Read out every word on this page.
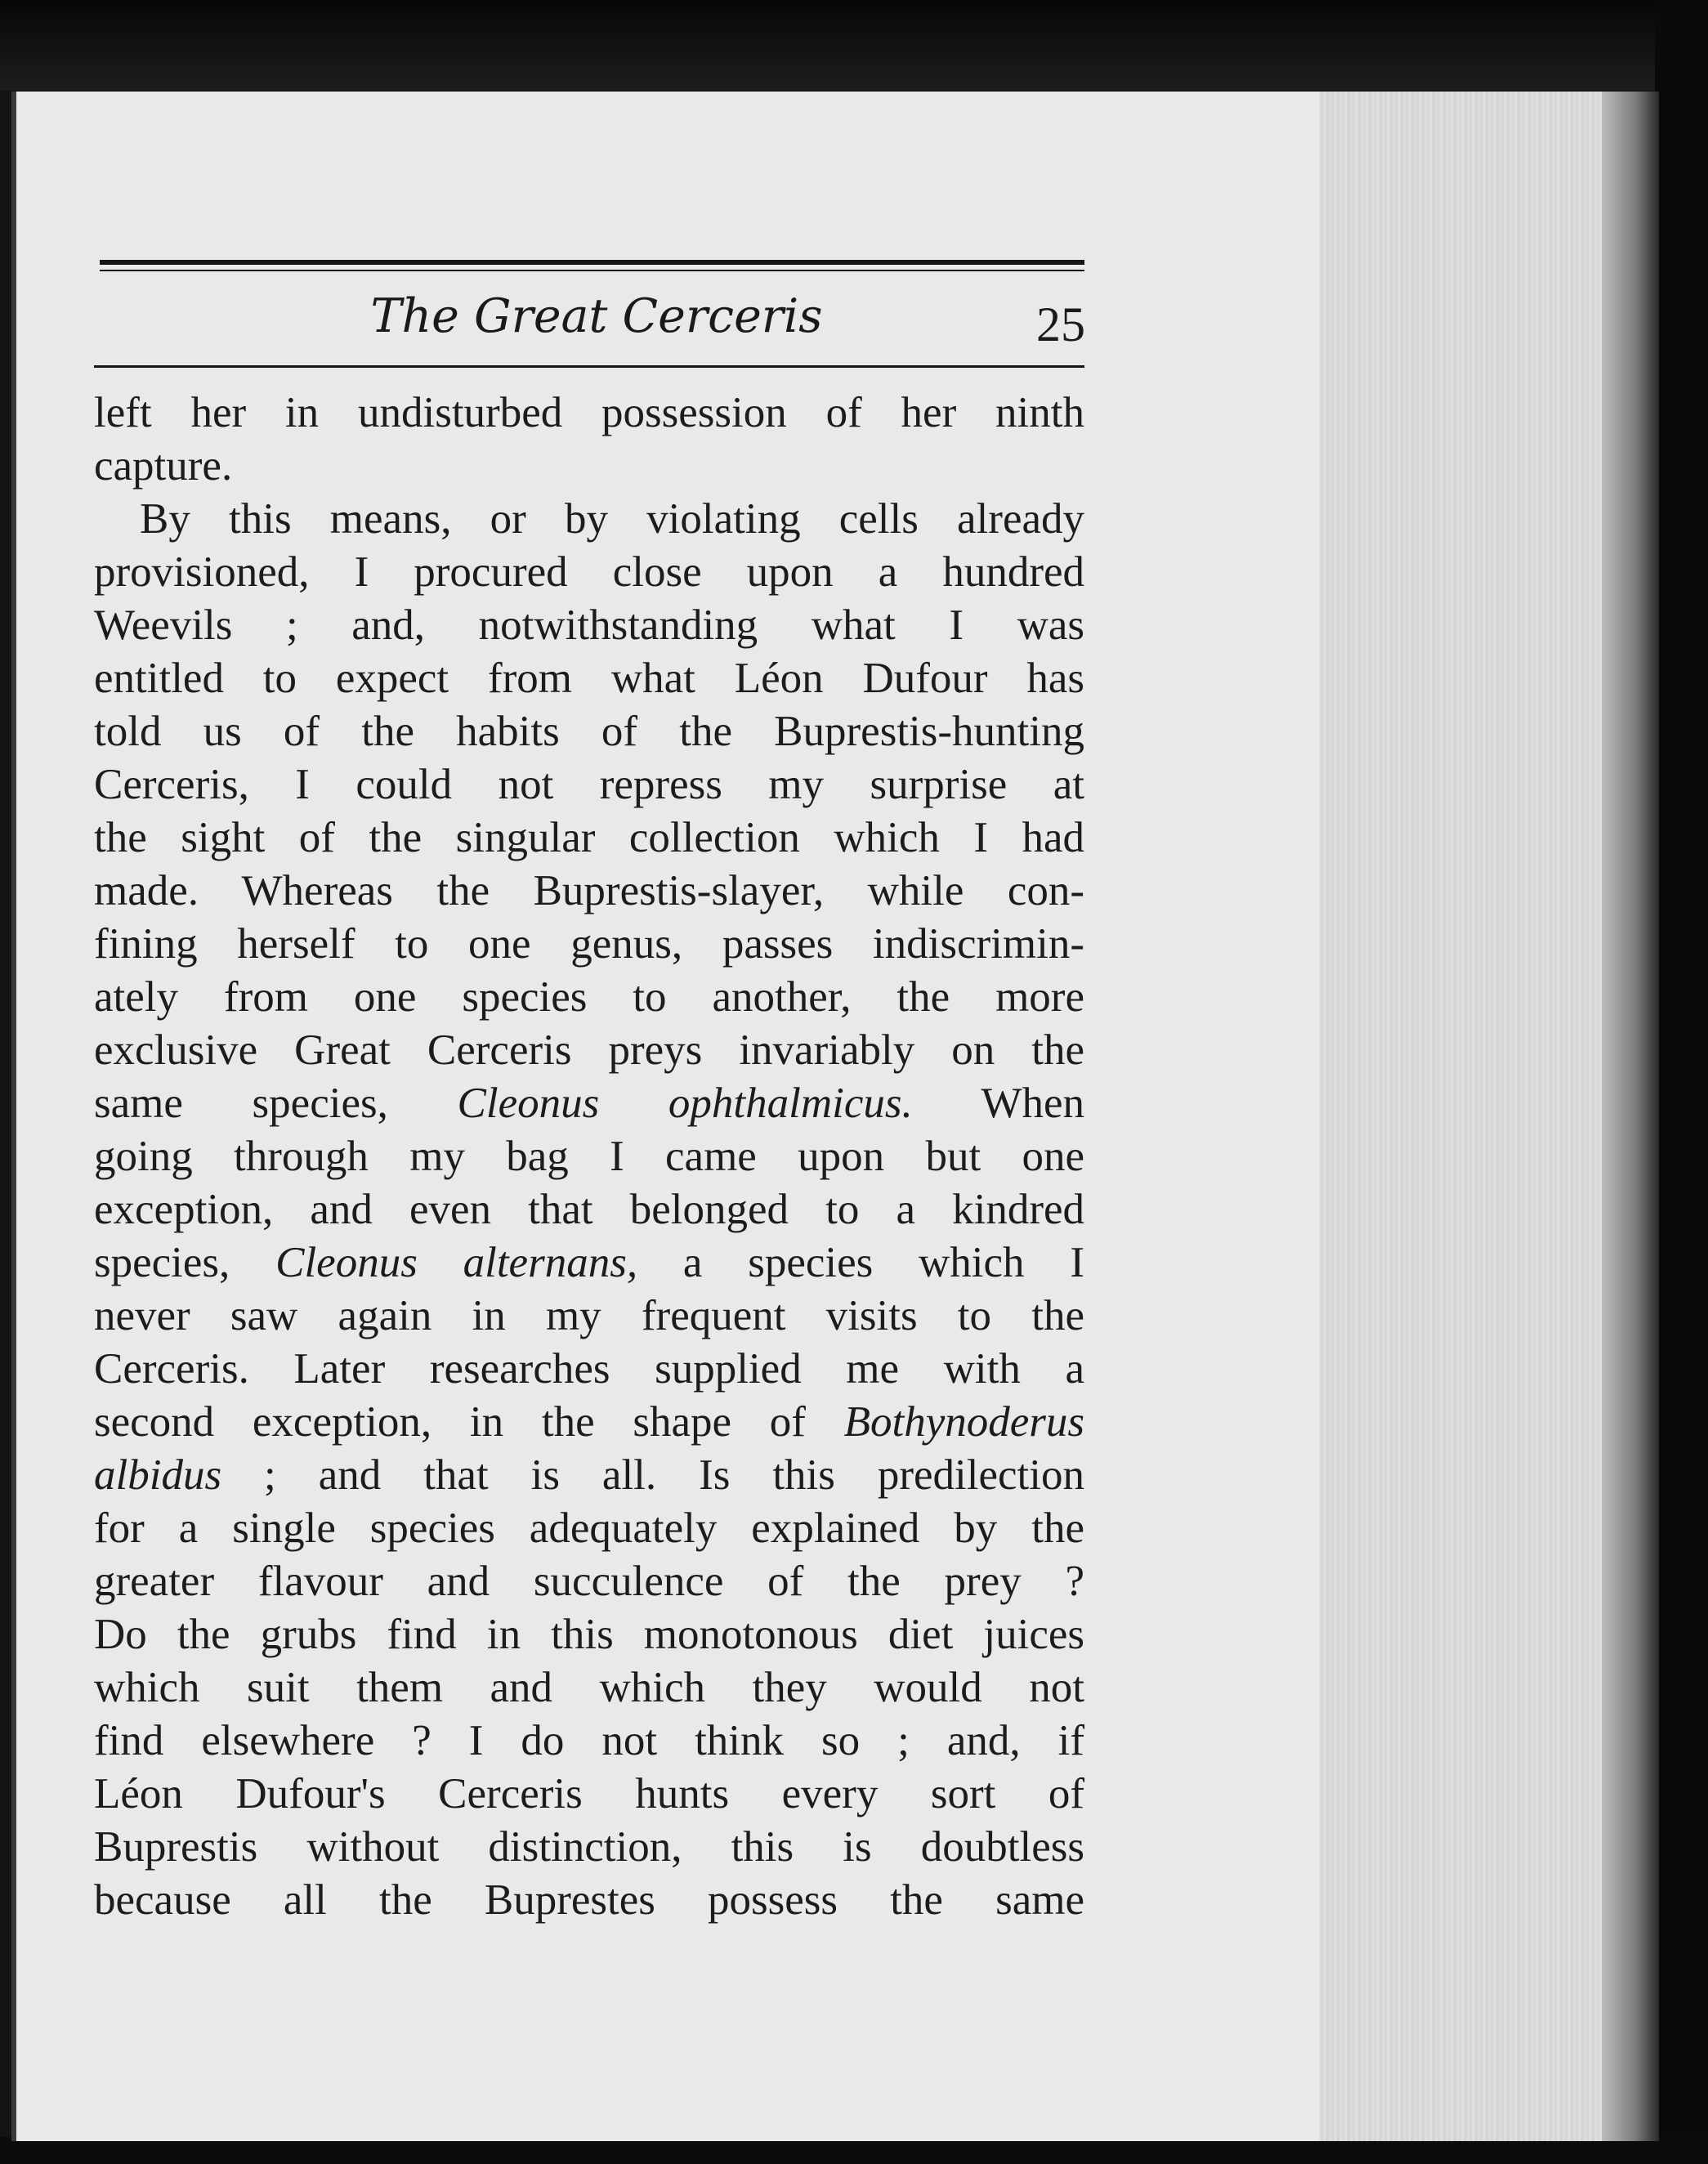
The Great Cerceris	25
left her in undisturbed possession of her ninth
capture.
By this means, or by violating cells already
provisioned, I procured close upon a hundred
Weevils ; and, notwithstanding what I was
entitled to expect from what Léon Dufour has
told us of the habits of the Buprestis-hunting
Cerceris, I could not repress my surprise at
the sight of the singular collection which I had
made. Whereas the Buprestis-slayer, while con-
fining herself to one genus, passes indiscrimin-
ately from one species to another, the more
exclusive Great Cerceris preys invariably on the
same species, Cleonus ophthalmicus. When
going through my bag I came upon but one
exception, and even that belonged to a kindred
species, Cleonus alternans, a species which I
never saw again in my frequent visits to the
Cerceris. Later researches supplied me with a
second exception, in the shape of Bothynoderus
albidus ; and that is all. Is this predilection
for a single species adequately explained by the
greater flavour and succulence of the prey ?
Do the grubs find in this monotonous diet juices
which suit them and which they would not
find elsewhere ? I do not think so ; and, if
Léon Dufour's Cerceris hunts every sort of
Buprestis without distinction, this is doubtless
because all the Buprestes possess the same
